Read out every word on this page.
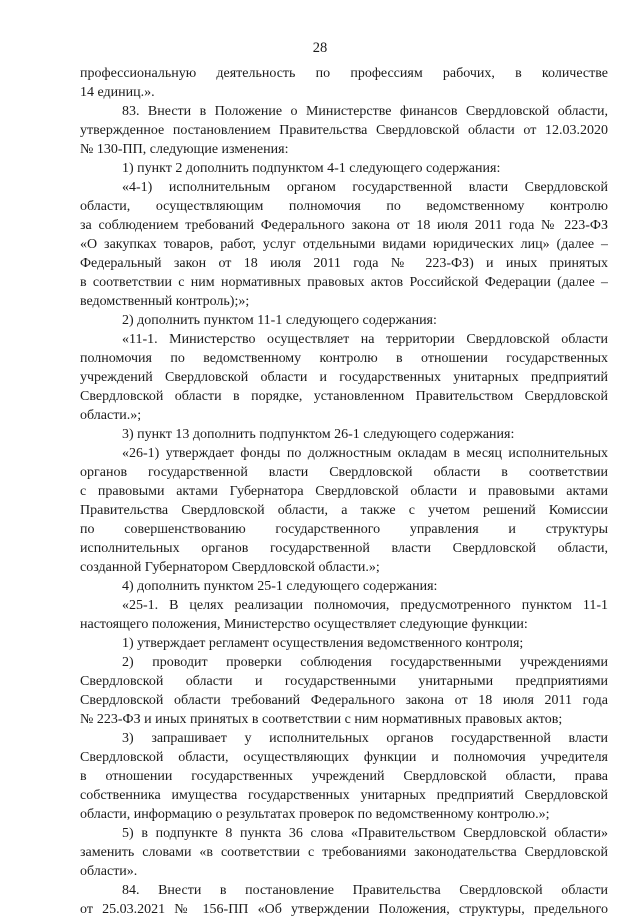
28
профессиональную деятельность по профессиям рабочих, в количестве
14 единиц.».
83. Внести в Положение о Министерстве финансов Свердловской области,
утвержденное постановлением Правительства Свердловской области от 12.03.2020
№ 130-ПП, следующие изменения:
1) пункт 2 дополнить подпунктом 4-1 следующего содержания:
«4-1) исполнительным органом государственной власти Свердловской
области, осуществляющим полномочия по ведомственному контролю
за соблюдением требований Федерального закона от 18 июля 2011 года № 223-ФЗ
«О закупках товаров, работ, услуг отдельными видами юридических лиц» (далее –
Федеральный закон от 18 июля 2011 года № 223-ФЗ) и иных принятых
в соответствии с ним нормативных правовых актов Российской Федерации (далее –
ведомственный контроль);»;
2) дополнить пунктом 11-1 следующего содержания:
«11-1. Министерство осуществляет на территории Свердловской области
полномочия по ведомственному контролю в отношении государственных
учреждений Свердловской области и государственных унитарных предприятий
Свердловской области в порядке, установленном Правительством Свердловской
области.»;
3) пункт 13 дополнить подпунктом 26-1 следующего содержания:
«26-1) утверждает фонды по должностным окладам в месяц исполнительных
органов государственной власти Свердловской области в соответствии
с правовыми актами Губернатора Свердловской области и правовыми актами
Правительства Свердловской области, а также с учетом решений Комиссии
по совершенствованию государственного управления и структуры
исполнительных органов государственной власти Свердловской области,
созданной Губернатором Свердловской области.»;
4) дополнить пунктом 25-1 следующего содержания:
«25-1. В целях реализации полномочия, предусмотренного пунктом 11-1
настоящего положения, Министерство осуществляет следующие функции:
1) утверждает регламент осуществления ведомственного контроля;
2) проводит проверки соблюдения государственными учреждениями
Свердловской области и государственными унитарными предприятиями
Свердловской области требований Федерального закона от 18 июля 2011 года
№ 223-ФЗ и иных принятых в соответствии с ним нормативных правовых актов;
3) запрашивает у исполнительных органов государственной власти
Свердловской области, осуществляющих функции и полномочия учредителя
в отношении государственных учреждений Свердловской области, права
собственника имущества государственных унитарных предприятий Свердловской
области, информацию о результатах проверок по ведомственному контролю.»;
5) в подпункте 8 пункта 36 слова «Правительством Свердловской области»
заменить словами «в соответствии с требованиями законодательства Свердловской
области».
84. Внести в постановление Правительства Свердловской области
от 25.03.2021 № 156-ПП «Об утверждении Положения, структуры, предельного
